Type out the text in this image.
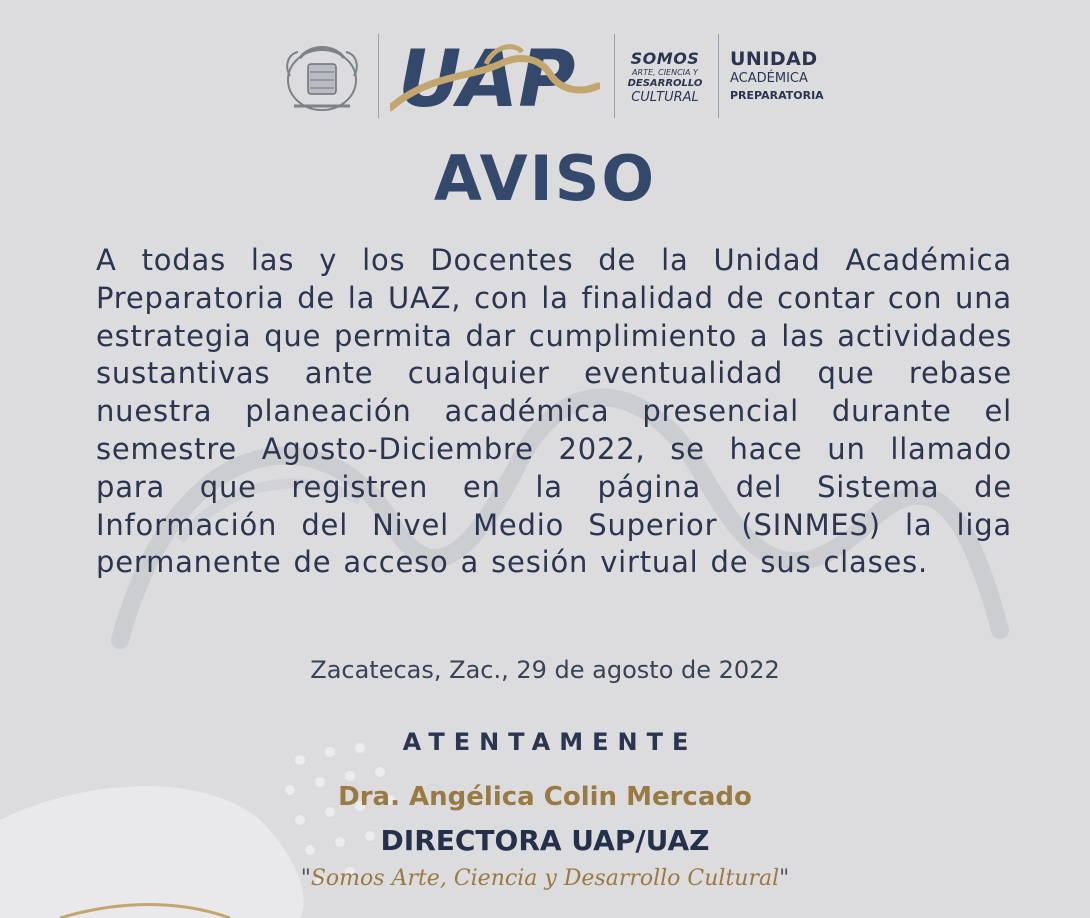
UAP	SOMOS
ARTE, CIENCIA Y
DESARROLLO
CULTURAL
UNIDAD
ACADÉMICA
PREPARATORIA
AVISO
A todas las y los Docentes de la Unidad Académica Preparatoria de la UAZ, con la finalidad de contar con una estrategia que permita dar cumplimiento a las actividades sustantivas ante cualquier eventualidad que rebase nuestra planeación académica presencial durante el semestre Agosto-Diciembre 2022, se hace un llamado para que registren en la página del Sistema de Información del Nivel Medio Superior (SINMES) la liga permanente de acceso a sesión virtual de sus clases.
Zacatecas, Zac., 29 de agosto de 2022
ATENTAMENTE
Dra. Angélica Colin Mercado
DIRECTORA UAP/UAZ
"Somos Arte, Ciencia y Desarrollo Cultural"
